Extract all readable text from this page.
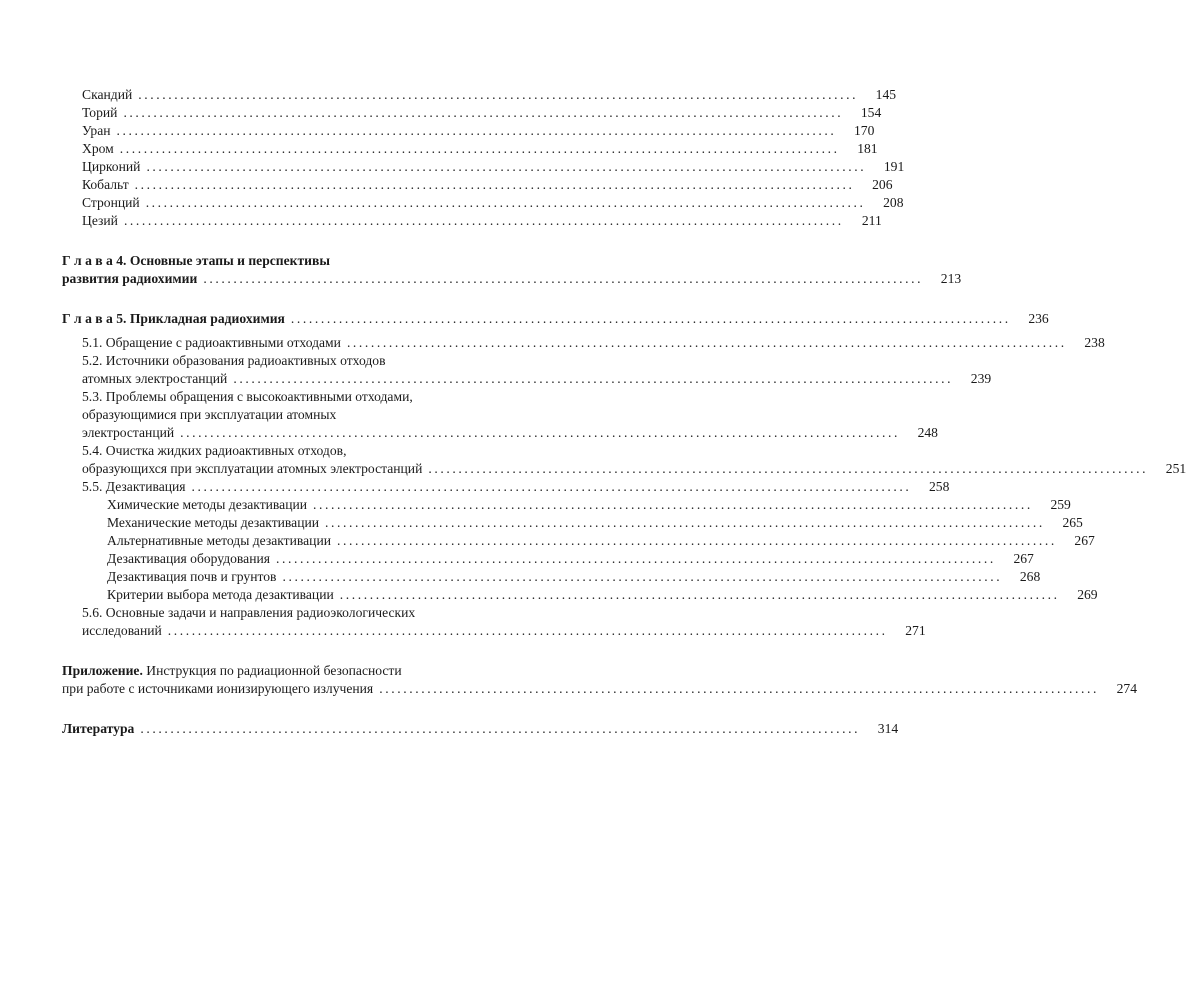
Скандий ........................................................................................................................	145
Торий ........................................................................................................................	154
Уран ........................................................................................................................	170
Хром ........................................................................................................................	181
Цирконий ........................................................................................................................	191
Кобальт ........................................................................................................................	206
Стронций ........................................................................................................................	208
Цезий ........................................................................................................................	211
Г л а в а 4. Основные этапы и перспективы
развития радиохимии ........................................................................................................................	213
Г л а в а 5. Прикладная радиохимия ........................................................................................................................	236
5.1. Обращение с радиоактивными отходами ........................................................................................................................	238
5.2. Источники образования радиоактивных отходов
атомных электростанций ........................................................................................................................	239
5.3. Проблемы обращения с высокоактивными отходами,
образующимися при эксплуатации атомных
электростанций ........................................................................................................................	248
5.4. Очистка жидких радиоактивных отходов,
образующихся при эксплуатации атомных электростанций ........................................................................................................................	251
5.5. Дезактивация ........................................................................................................................	258
Химические методы дезактивации ........................................................................................................................	259
Механические методы дезактивации ........................................................................................................................	265
Альтернативные методы дезактивации ........................................................................................................................	267
Дезактивация оборудования ........................................................................................................................	267
Дезактивация почв и грунтов ........................................................................................................................	268
Критерии выбора метода дезактивации ........................................................................................................................	269
5.6. Основные задачи и направления радиоэкологических
исследований ........................................................................................................................	271
Приложение. Инструкция по радиационной безопасности
при работе с источниками ионизирующего излучения ........................................................................................................................	274
Литература ........................................................................................................................	314
